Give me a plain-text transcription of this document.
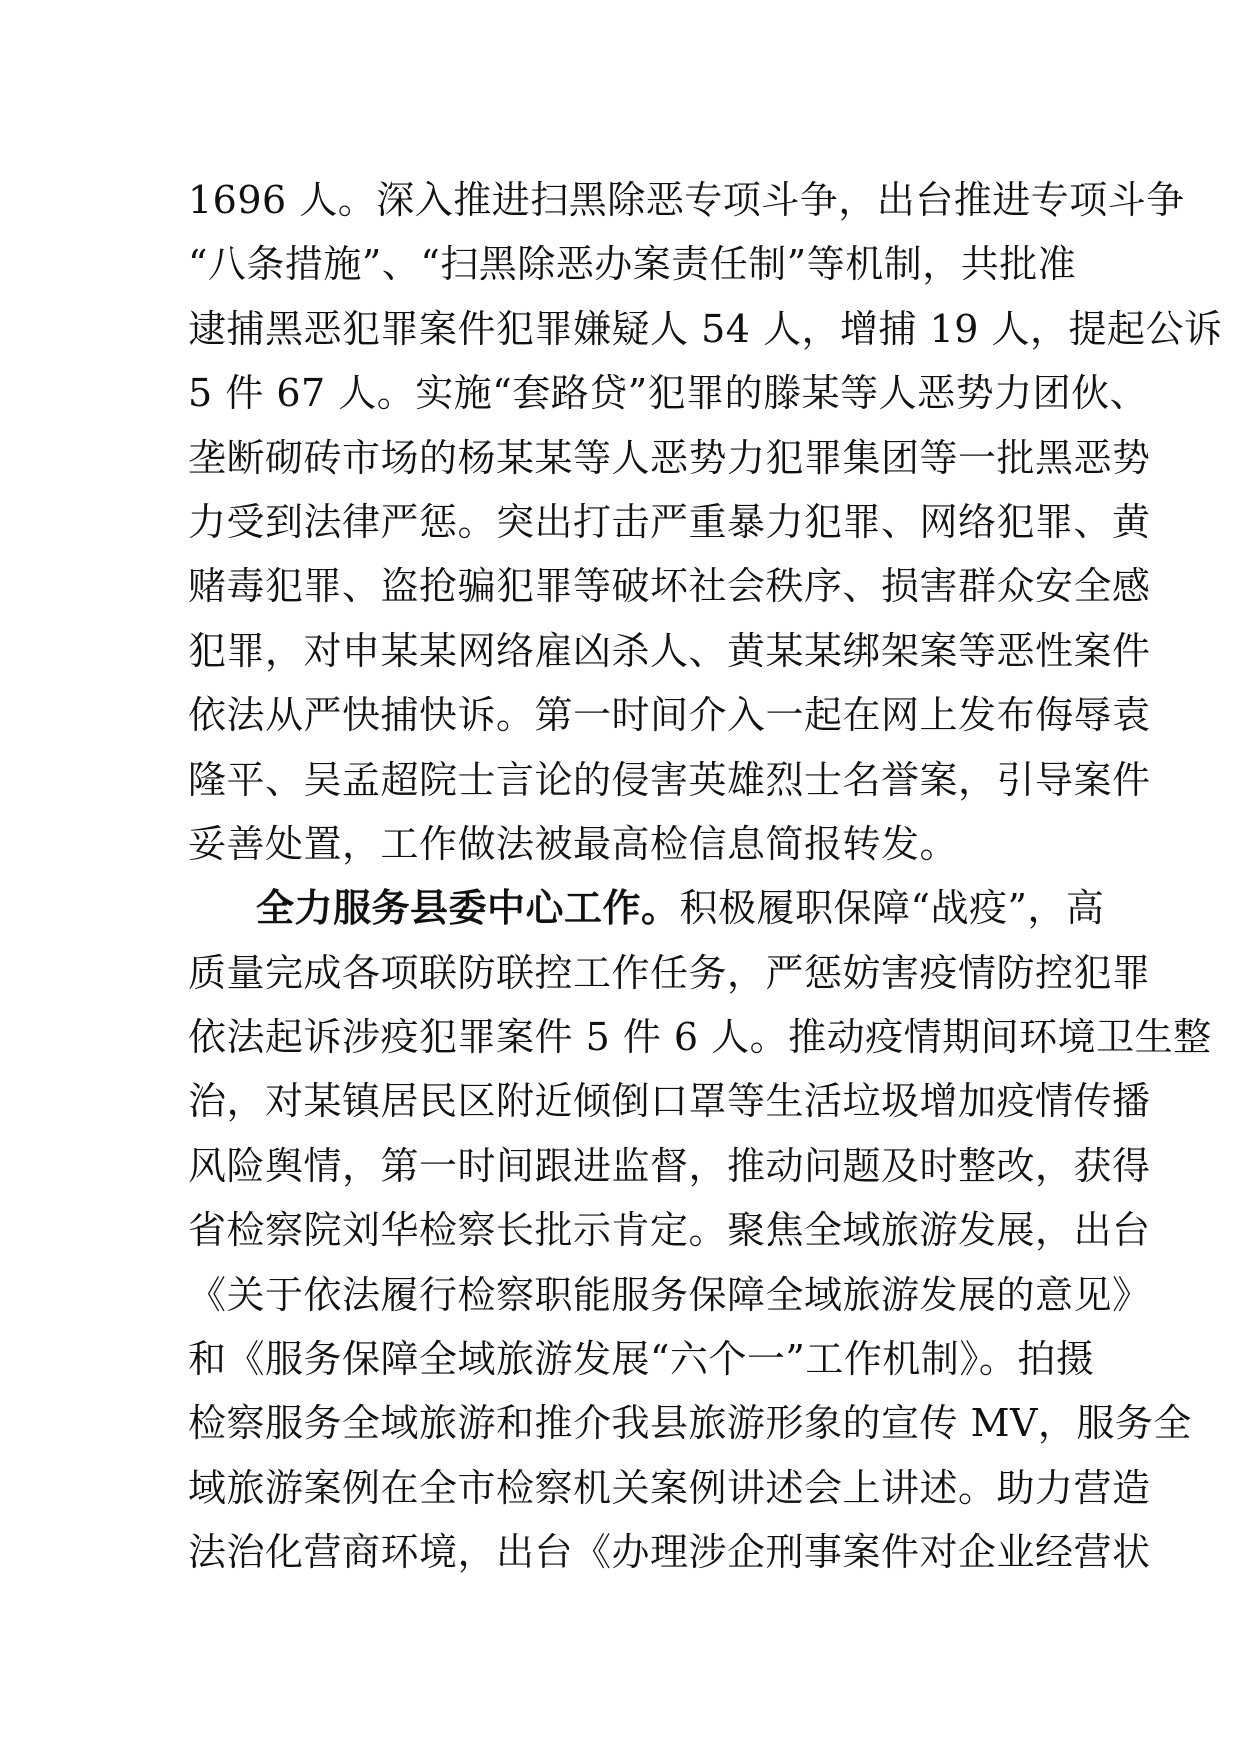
1696 人。深入推进扫黑除恶专项斗争，出台推进专项斗争
“八条措施”、“扫黑除恶办案责任制”等机制，共批准
逮捕黑恶犯罪案件犯罪嫌疑人 54 人，增捕 19 人，提起公诉
5 件 67 人。实施“套路贷”犯罪的滕某等人恶势力团伙、
垄断砌砖市场的杨某某等人恶势力犯罪集团等一批黑恶势
力受到法律严惩。突出打击严重暴力犯罪、网络犯罪、黄
赌毒犯罪、盗抢骗犯罪等破坏社会秩序、损害群众安全感
犯罪，对申某某网络雇凶杀人、黄某某绑架案等恶性案件
依法从严快捕快诉。第一时间介入一起在网上发布侮辱袁
隆平、吴孟超院士言论的侵害英雄烈士名誉案，引导案件
妥善处置，工作做法被最高检信息简报转发。
全力服务县委中心工作。积极履职保障“战疫”，高
质量完成各项联防联控工作任务，严惩妨害疫情防控犯罪
依法起诉涉疫犯罪案件 5 件 6 人。推动疫情期间环境卫生整
治，对某镇居民区附近倾倒口罩等生活垃圾增加疫情传播
风险舆情，第一时间跟进监督，推动问题及时整改，获得
省检察院刘华检察长批示肯定。聚焦全域旅游发展，出台
《关于依法履行检察职能服务保障全域旅游发展的意见》
和《服务保障全域旅游发展“六个一”工作机制》。拍摄
检察服务全域旅游和推介我县旅游形象的宣传 MV，服务全
域旅游案例在全市检察机关案例讲述会上讲述。助力营造
法治化营商环境，出台《办理涉企刑事案件对企业经营状
